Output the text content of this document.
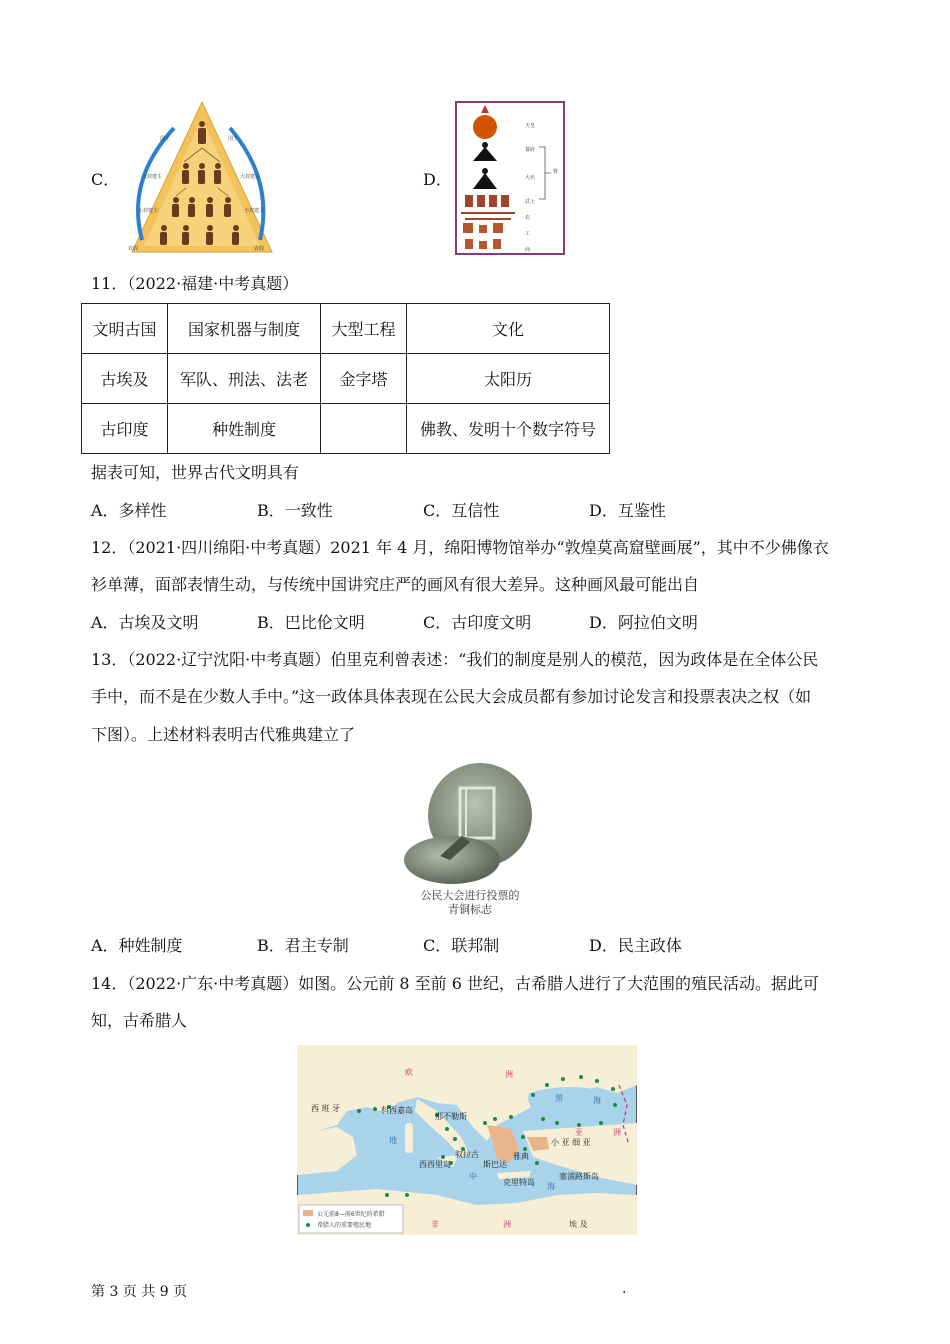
C．
国王
大封建主
小封建主
农奴
国王
大封建主
小封建主
农奴
D．
天皇
幕府
大名
武士
农
工
商
将
11．（2022·福建·中考真题）
文明古国	国家机器与制度	大型工程	文化
古埃及	军队、刑法、法老	金字塔	太阳历
古印度	种姓制度		佛教、发明十个数字符号
据表可知，世界古代文明具有
A．多样性	B．一致性	C．互信性	D．互鉴性
12．（2021·四川绵阳·中考真题）2021 年 4 月，绵阳博物馆举办“敦煌莫高窟壁画展”，其中不少佛像衣
衫单薄，面部表情生动，与传统中国讲究庄严的画风有很大差异。这种画风最可能出自
A．古埃及文明	B．巴比伦文明	C．古印度文明	D．阿拉伯文明
13．（2022·辽宁沈阳·中考真题）伯里克利曾表述：“我们的制度是别人的模范，因为政体是在全体公民
手中，而不是在少数人手中。”这一政体具体表现在公民大会成员都有参加讨论发言和投票表决之权（如
下图）。上述材料表明古代雅典建立了
公民大会进行投票的
青铜标志
A．种姓制度	B．君主专制	C．联邦制	D．民主政体
14．（2022·广东·中考真题）如图。公元前 8 至前 6 世纪，古希腊人进行了大范围的殖民活动。据此可
知，古希腊人
欧	洲
西 班 牙	科西嘉岛
那不勒斯
黑	海
亚	洲
小 亚 细 亚
地
中
海
叙拉古
斯巴达
雅典
西西里岛
克里特岛
塞浦路斯岛
非	洲	埃 及
公元前8—前6世纪的希腊
希腊人的重要殖民地
第 3 页 共 9 页	.
